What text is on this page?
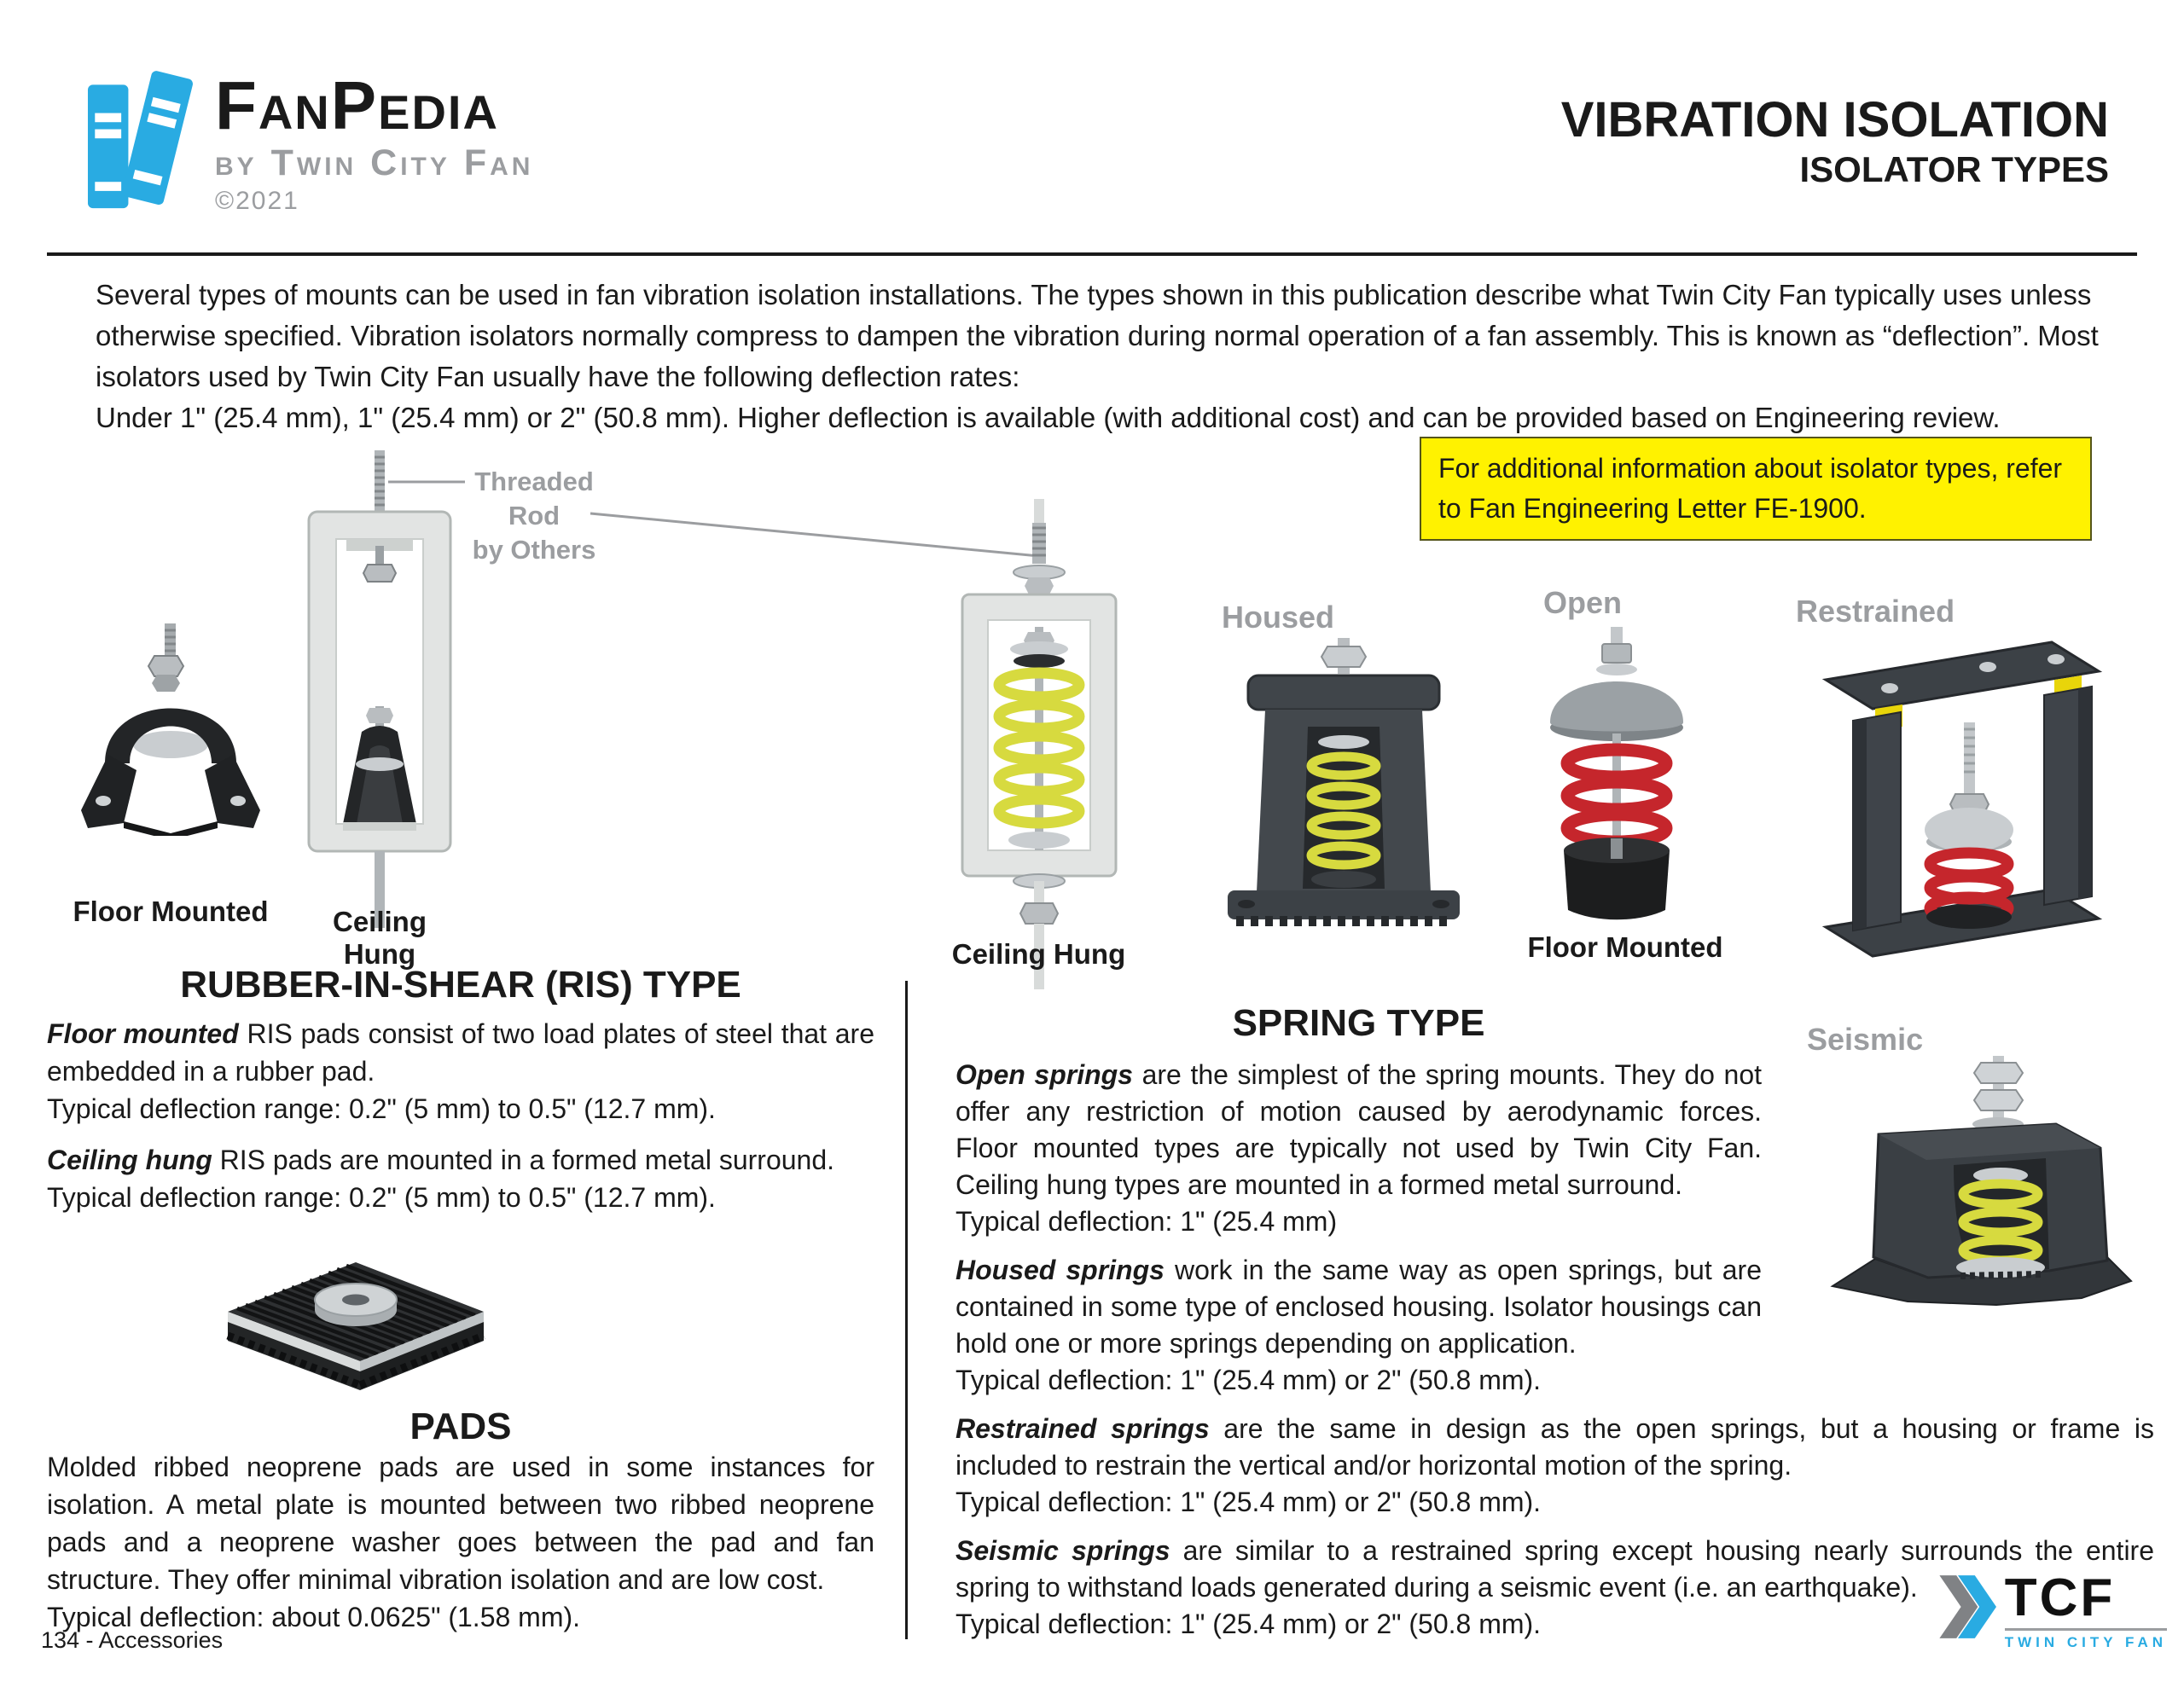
FanPedia
by Twin City Fan
©2021
VIBRATION ISOLATION
ISOLATOR TYPES
Several types of mounts can be used in fan vibration isolation installations. The types shown in this publication describe what Twin City Fan typically uses unless otherwise specified. Vibration isolators normally compress to dampen the vibration during normal operation of a fan assembly. This is known as “deflection”. Most isolators used by Twin City Fan usually have the following deflection rates:
Under 1" (25.4 mm), 1" (25.4 mm) or 2" (50.8 mm). Higher deflection is available (with additional cost) and can be provided based on Engineering review.
For additional information about isolator types, refer to Fan Engineering Letter FE-1900.
Floor Mounted	Ceiling Hung
Threaded Rod
by Others
Ceiling Hung
Housed	Open
Floor Mounted
Restrained
Seismic
RUBBER-IN-SHEAR (RIS) TYPE

Floor mounted RIS pads consist of two load plates of steel that are embedded in a rubber pad.

Typical deflection range: 0.2" (5 mm) to 0.5" (12.7 mm).

Ceiling hung RIS pads are mounted in a formed metal surround.

Typical deflection range: 0.2" (5 mm) to 0.5" (12.7 mm).

PADS

Molded ribbed neoprene pads are used in some instances for isolation. A metal plate is mounted between two ribbed neoprene pads and a neoprene washer goes between the pad and fan structure. They offer minimal vibration isolation and are low cost.

Typical deflection: about 0.0625" (1.58 mm).

SPRING TYPE

Open springs are the simplest of the spring mounts. They do not offer any restriction of motion caused by aerodynamic forces. Floor mounted types are typically not used by Twin City Fan. Ceiling hung types are mounted in a formed metal surround.

Typical deflection: 1" (25.4 mm)

Housed springs work in the same way as open springs, but are contained in some type of enclosed housing. Isolator housings can hold one or more springs depending on application.

Typical deflection: 1" (25.4 mm) or 2" (50.8 mm).

Restrained springs are the same in design as the open springs, but a housing or frame is included to restrain the vertical and/or horizontal motion of the spring.

Typical deflection: 1" (25.4 mm) or 2" (50.8 mm).

Seismic springs are similar to a restrained spring except housing nearly surrounds the entire spring to withstand loads generated during a seismic event (i.e. an earthquake).

Typical deflection: 1" (25.4 mm) or 2" (50.8 mm).

134 - Accessories
TCF
TWIN CITY FAN
